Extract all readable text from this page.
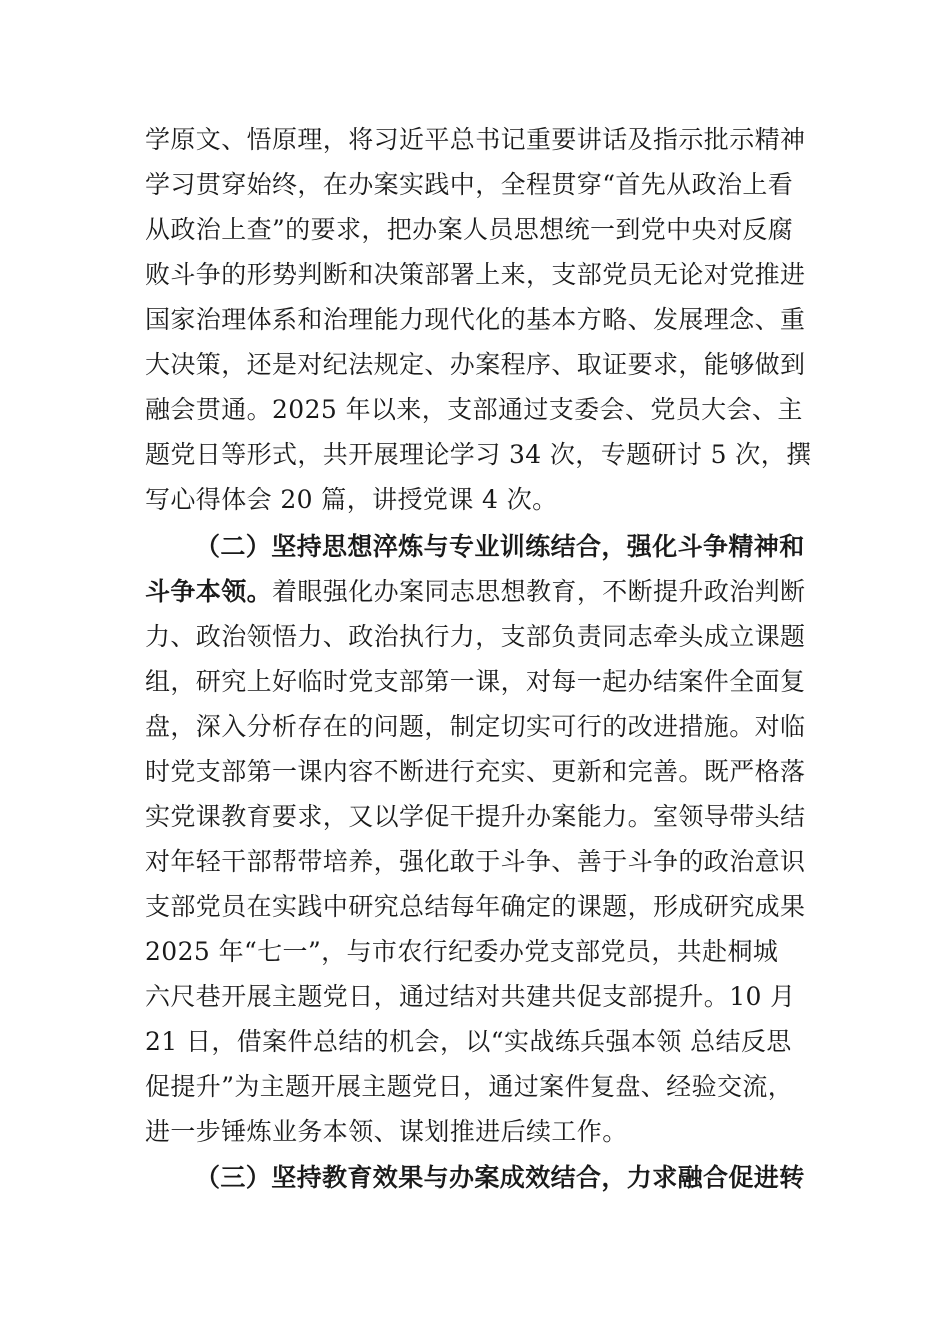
学原文、悟原理，将习近平总书记重要讲话及指示批示精神
学习贯穿始终，在办案实践中，全程贯穿“首先从政治上看
从政治上查”的要求，把办案人员思想统一到党中央对反腐
败斗争的形势判断和决策部署上来，支部党员无论对党推进
国家治理体系和治理能力现代化的基本方略、发展理念、重
大决策，还是对纪法规定、办案程序、取证要求，能够做到
融会贯通。2025 年以来，支部通过支委会、党员大会、主
题党日等形式，共开展理论学习 34 次，专题研讨 5 次，撰
写心得体会 20 篇，讲授党课 4 次。
（二）坚持思想淬炼与专业训练结合，强化斗争精神和
斗争本领。着眼强化办案同志思想教育，不断提升政治判断
力、政治领悟力、政治执行力，支部负责同志牵头成立课题
组，研究上好临时党支部第一课，对每一起办结案件全面复
盘，深入分析存在的问题，制定切实可行的改进措施。对临
时党支部第一课内容不断进行充实、更新和完善。既严格落
实党课教育要求，又以学促干提升办案能力。室领导带头结
对年轻干部帮带培养，强化敢于斗争、善于斗争的政治意识
支部党员在实践中研究总结每年确定的课题，形成研究成果
2025 年“七一”，与市农行纪委办党支部党员，共赴桐城
六尺巷开展主题党日，通过结对共建共促支部提升。10 月
21 日，借案件总结的机会，以“实战练兵强本领 总结反思
促提升”为主题开展主题党日，通过案件复盘、经验交流，
进一步锤炼业务本领、谋划推进后续工作。
（三）坚持教育效果与办案成效结合，力求融合促进转
